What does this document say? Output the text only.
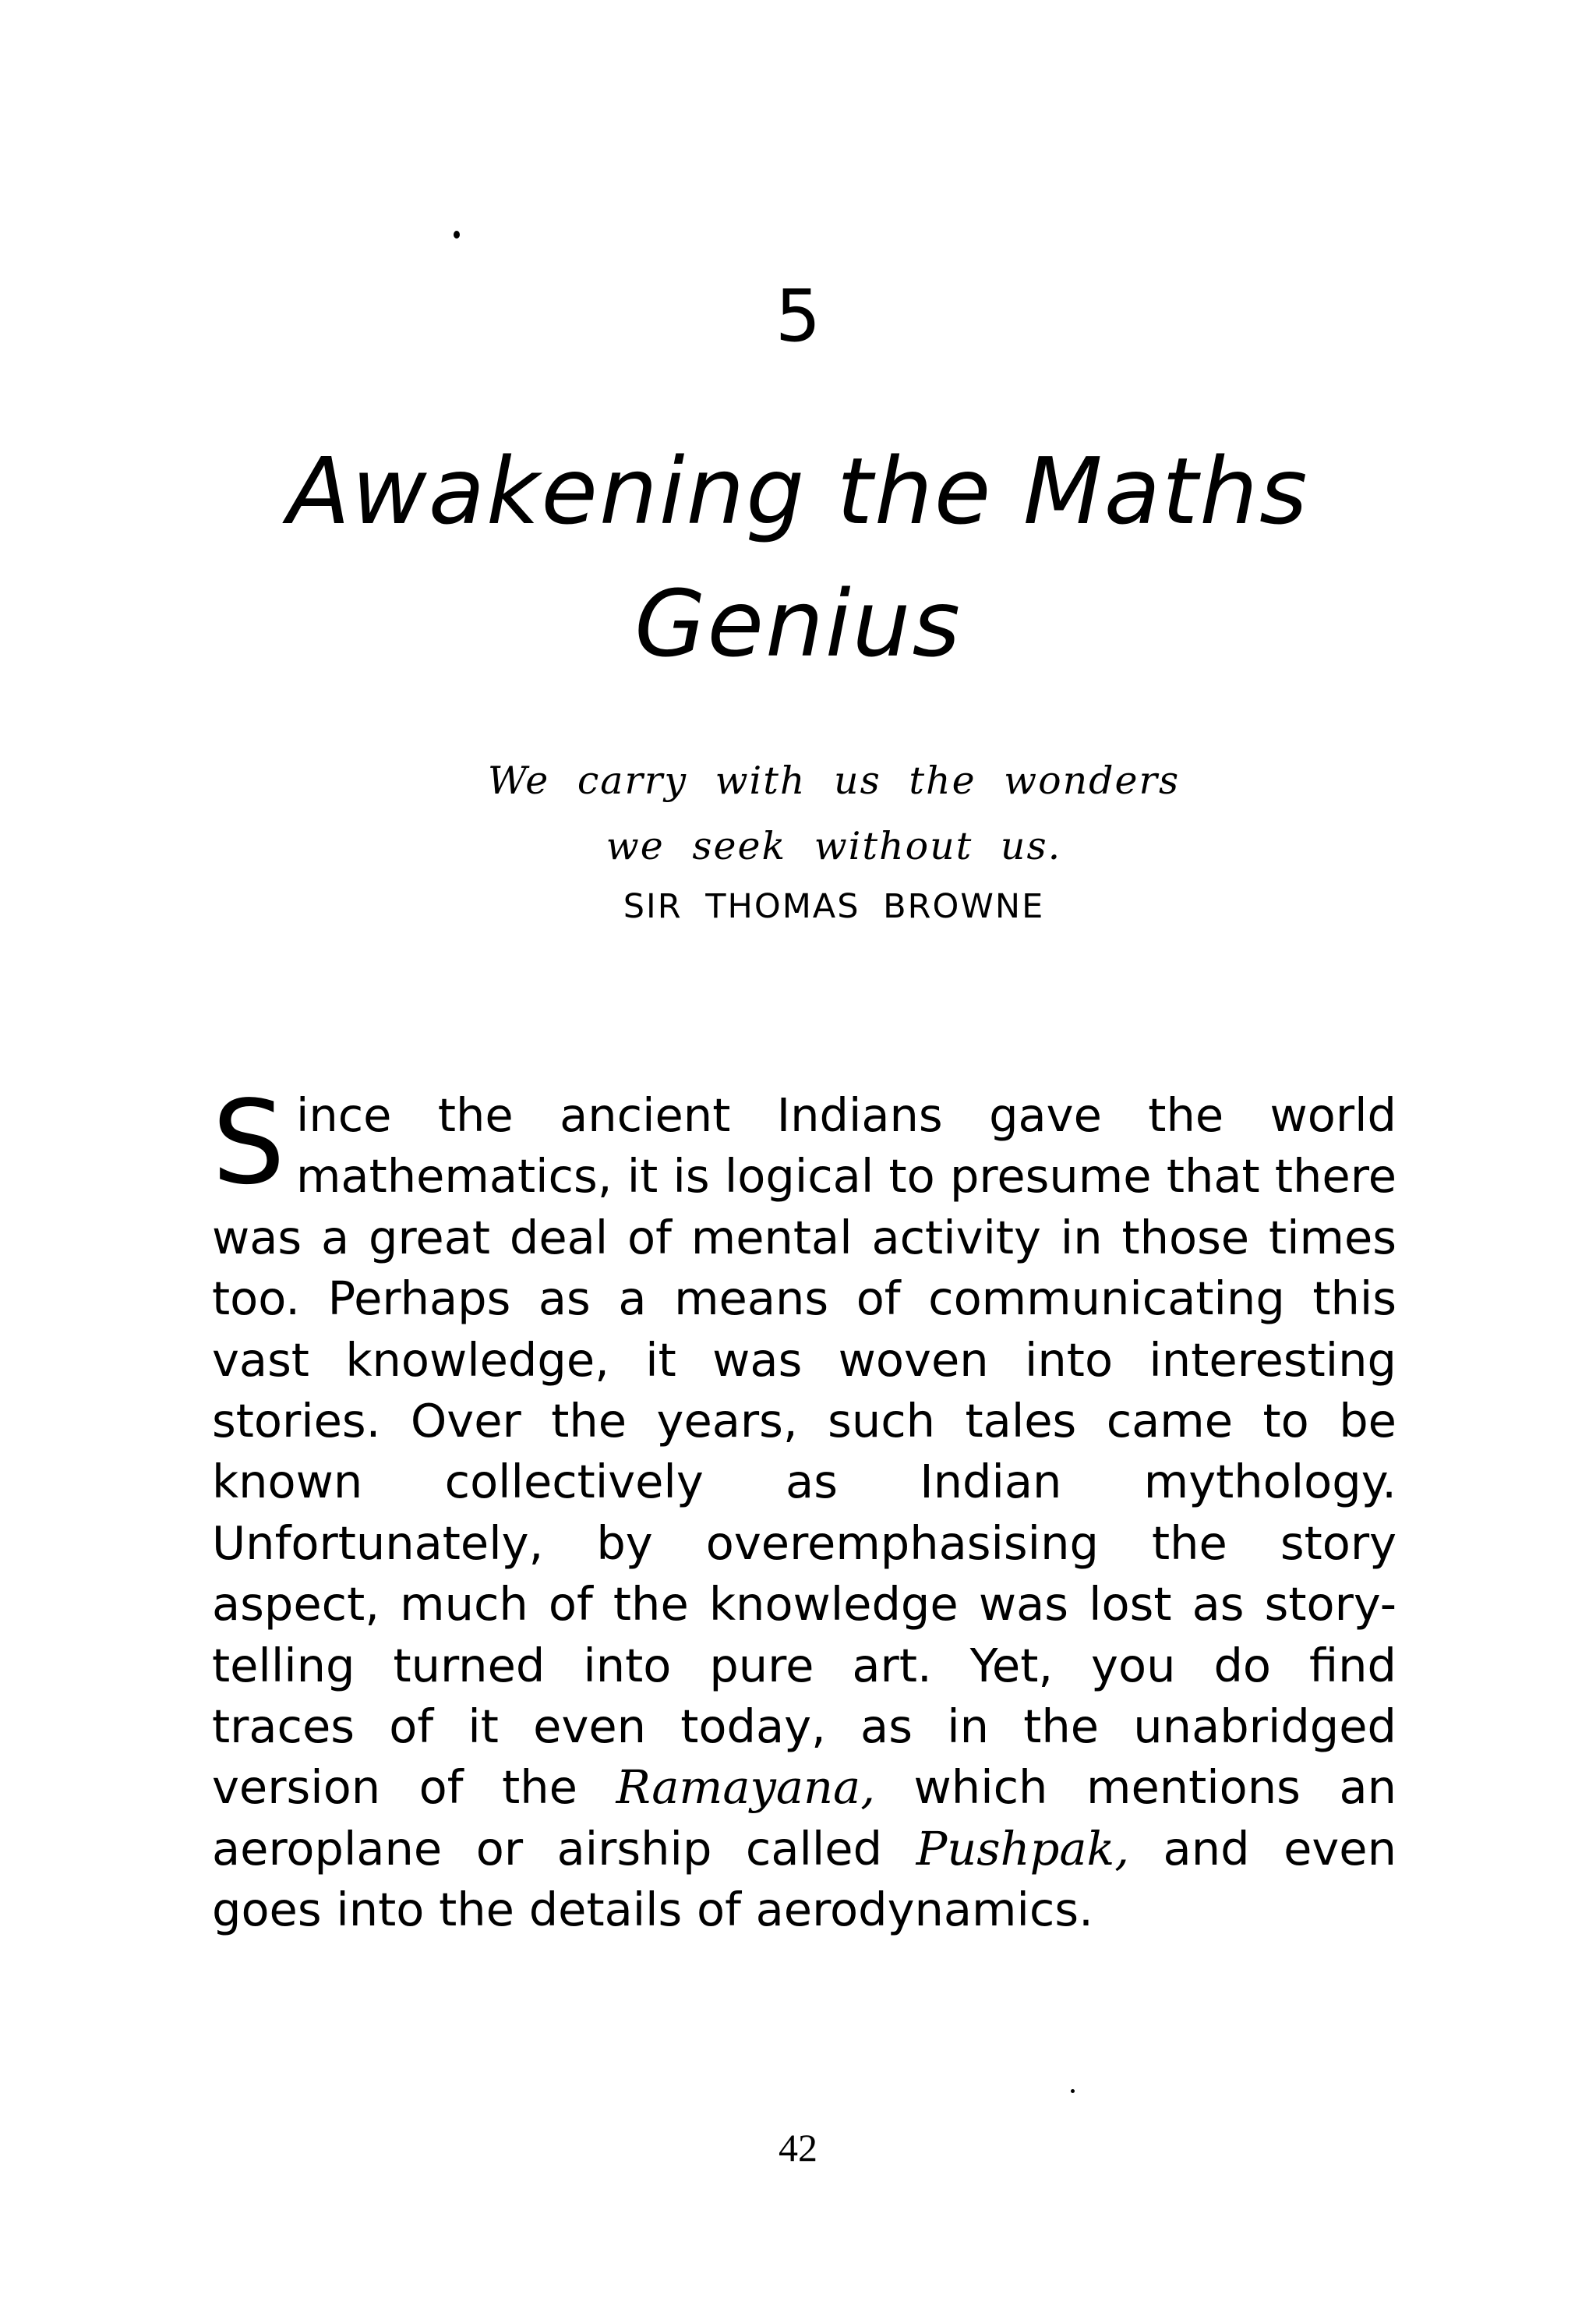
5
Awakening the Maths
Genius
We carry with us the wonders
we seek without us.
SIR THOMAS BROWNE
S ince the ancient Indians gave the world
mathematics, it is logical to presume that there
was a great deal of mental activity in those times
too. Perhaps as a means of communicating this
vast knowledge, it was woven into interesting
stories. Over the years, such tales came to be
known collectively as Indian mythology.
Unfortunately, by overemphasising the story
aspect, much of the knowledge was lost as story-
telling turned into pure art. Yet, you do find
traces of it even today, as in the unabridged
version of the Ramayana, which mentions an
aeroplane or airship called Pushpak, and even
goes into the details of aerodynamics.
42
